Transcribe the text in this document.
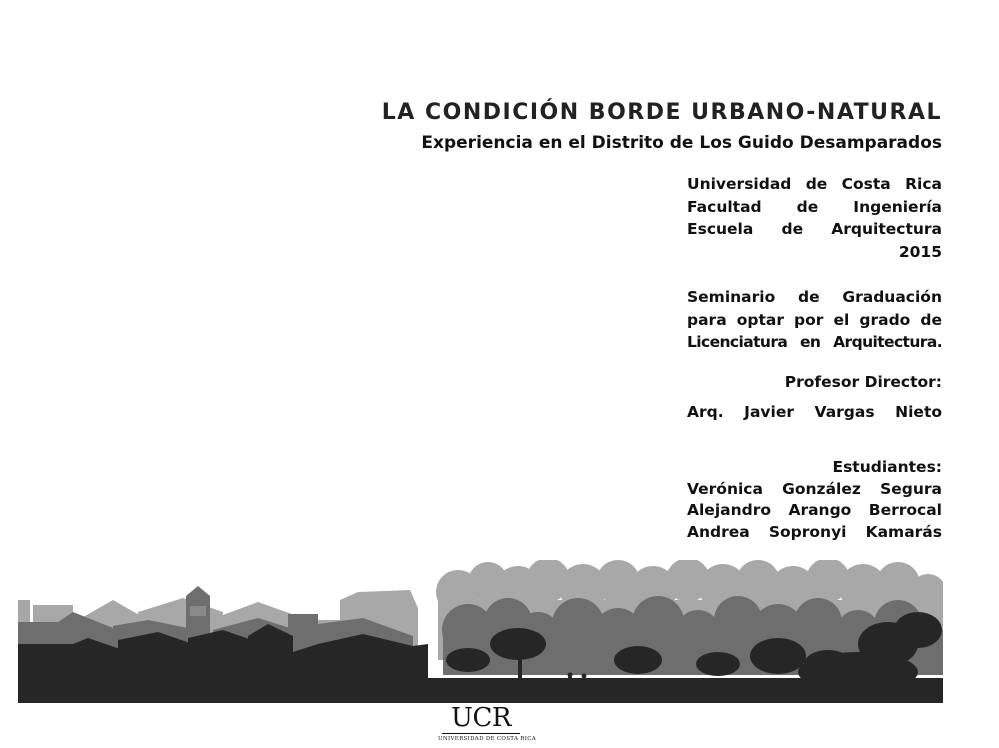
LA CONDICIÓN BORDE URBANO-NATURAL
Experiencia en el Distrito de Los Guido Desamparados
Universidad de Costa Rica
Facultad de Ingeniería
Escuela de Arquitectura
2015
Seminario de Graduación
para optar por el grado de
Licenciatura en Arquitectura.
Profesor Director:
Arq. Javier Vargas Nieto
Estudiantes:
Verónica González Segura
Alejandro Arango Berrocal
Andrea Sopronyi Kamarás
UCR
UNIVERSIDAD DE COSTA RICA
